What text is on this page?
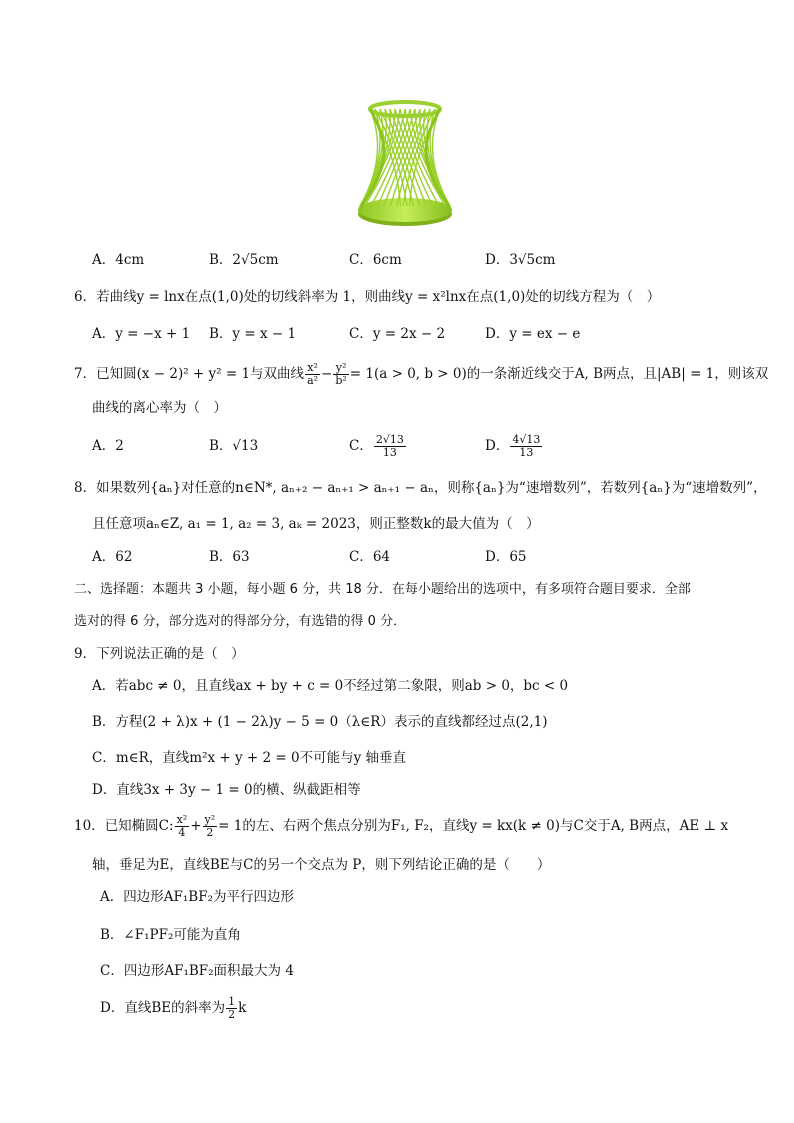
A．4cm	B．2√5cm	C．6cm	D．3√5cm
6．若曲线y = lnx在点(1,0)处的切线斜率为 1，则曲线y = x²lnx在点(1,0)处的切线方程为（　）
A．y = −x + 1 B．y = x − 1	C．y = 2x − 2	D．y = ex − e
7．已知圆(x − 2)² + y² = 1与双曲线 $\frac{\text{x²}}{\text{a²}} - \frac{\text{y²}}{\text{b²}} = 1(a > 0$, b > 0)的一条渐近线交于A, B两点，且|AB| = 1，则该双
曲线的离心率为（　）
A．2	B．√13	C． $\frac{2√13}{13}$	D． $\frac{4√13}{13}$
8．如果数列{aₙ}对任意的n∈N*, aₙ₊₂ − aₙ₊₁ > aₙ₊₁ − aₙ，则称{aₙ}为“速增数列”，若数列{aₙ}为“速增数列”，
且任意项aₙ∈Z, a₁ = 1, a₂ = 3, aₖ = 2023，则正整数k的最大值为（　）
A．62	B．63	C．64	D．65
二、选择题：本题共 3 小题，每小题 6 分，共 18 分．在每小题给出的选项中，有多项符合题目要求．全部
选对的得 6 分，部分选对的得部分分，有选错的得 0 分．
9．下列说法正确的是（　）
A．若abc ≠ 0，且直线ax + by + c = 0不经过第二象限，则ab > 0，bc < 0
B．方程(2 + λ)x + (1 − 2λ)y − 5 = 0（λ∈R）表示的直线都经过点(2,1)
C．m∈R，直线m²x + y + 2 = 0不可能与y 轴垂直
D．直线3x + 3y − 1 = 0的横、纵截距相等
10．已知椭圆C: $\frac{\text{x²}}{4} + \frac{\text{y²}}{2} = 1$的左、右两个焦点分别为F₁, F₂，直线y = kx(k ≠ 0)与C交于A, B两点，AE ⊥ x
轴，垂足为E，直线BE与C的另一个交点为 P，则下列结论正确的是（　　）
A．四边形AF₁BF₂为平行四边形
B．∠F₁PF₂可能为直角
C．四边形AF₁BF₂面积最大为 4
D．直线BE的斜率为 $\frac{1}{2}$ k
